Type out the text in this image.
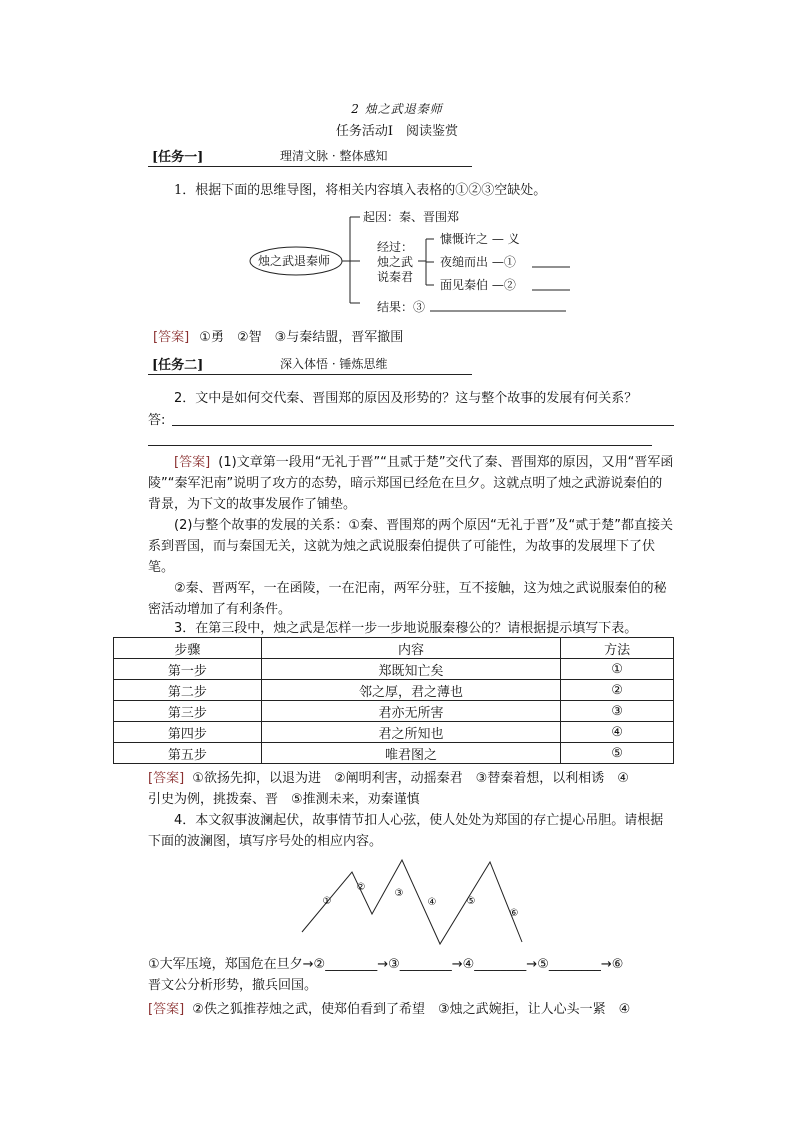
2 烛之武退秦师
任务活动Ⅰ　阅读鉴赏
[任务一]	理清文脉 · 整体感知
1．根据下面的思维导图，将相关内容填入表格的①②③空缺处。
烛之武退秦师
起因：秦、晋围郑
经过：
烛之武
说秦君
慷慨许之 — 义
夜缒而出 —①
面见秦伯 —②
结果：③
[答案] ①勇　②智　③与秦结盟，晋军撤围
[任务二]	深入体悟 · 锤炼思维
2．文中是如何交代秦、晋围郑的原因及形势的？这与整个故事的发展有何关系？
答:
[答案] (1)文章第一段用“无礼于晋”“且贰于楚”交代了秦、晋围郑的原因，又用“晋军函陵”“秦军汜南”说明了攻方的态势，暗示郑国已经危在旦夕。这就点明了烛之武游说秦伯的背景，为下文的故事发展作了铺垫。
(2)与整个故事的发展的关系：①秦、晋围郑的两个原因“无礼于晋”及“贰于楚”都直接关系到晋国，而与秦国无关，这就为烛之武说服秦伯提供了可能性，为故事的发展埋下了伏笔。
②秦、晋两军，一在函陵，一在汜南，两军分驻，互不接触，这为烛之武说服秦伯的秘密活动增加了有利条件。
3．在第三段中，烛之武是怎样一步一步地说服秦穆公的？请根据提示填写下表。
步骤	内容	方法
第一步	郑既知亡矣	①
第二步	邻之厚，君之薄也	②
第三步	君亦无所害	③
第四步	君之所知也	④
第五步	唯君图之	⑤
[答案] ①欲扬先抑，以退为进　②阐明利害，动摇秦君　③替秦着想，以利相诱　④
引史为例，挑拨秦、晋　⑤推测未来，劝秦谨慎
4．本文叙事波澜起伏，故事情节扣人心弦，使人处处为郑国的存亡提心吊胆。请根据下面的波澜图，填写序号处的相应内容。
①
②
③
④	⑤
⑥
①大军压境，郑国危在旦夕→②________→③________→④________→⑤________→⑥
晋文公分析形势，撤兵回国。
[答案] ②佚之狐推荐烛之武，使郑伯看到了希望　③烛之武婉拒，让人心头一紧　④
